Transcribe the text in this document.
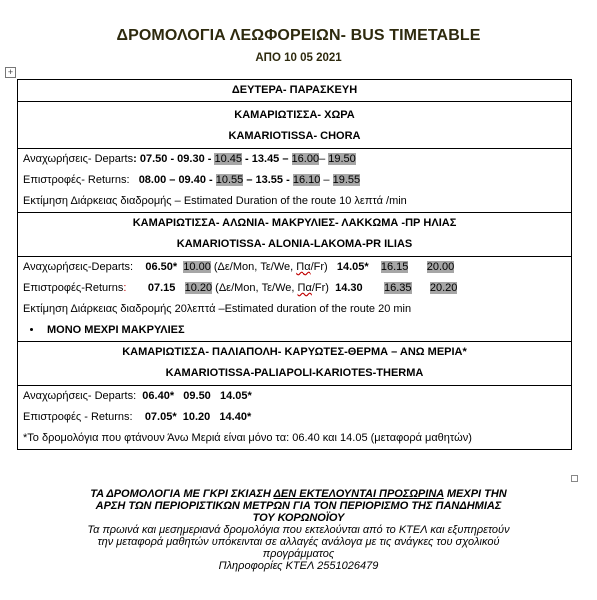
ΔΡΟΜΟΛΟΓΙΑ ΛΕΩΦΟΡΕΙΩΝ- BUS TIMETABLE
ΑΠΟ 10 05 2021
+
ΔΕΥΤΕΡΑ- ΠΑΡΑΣΚΕΥΗ

ΚΑΜΑΡΙΩΤΙΣΣΑ- ΧΩΡΑ
KAMARIOTISSA- CHORA

Αναχωρήσεις- Departs: 07.50 - 09.30 - 10.45 - 13.45 – 16.00– 19.50
Επιστροφές- Returns: 08.00 – 09.40 - 10.55 – 13.55 - 16.10 – 19.55
Εκτίμηση Διάρκειας διαδρομής – Estimated Duration of the route 10 λεπτά /min

ΚΑΜΑΡΙΩΤΙΣΣΑ- ΑΛΩΝΙΑ- ΜΑΚΡΥΛΙΕΣ- ΛΑΚΚΩΜΑ -ΠΡ ΗΛΙΑΣ
KAMARIOTISSA- ALONIA-LAKOMA-PR ILIAS

Αναχωρήσεις-Departs: 06.50* 10.00 (Δε/Mon, Τε/We, Πα/Fr) 14.05* 16.15 20.00
Επιστροφές-Returns: 07.15 10.20 (Δε/Mon, Τε/We, Πα/Fr) 14.30 16.35 20.20
Εκτίμηση Διάρκειας διαδρομής 20λεπτά –Estimated duration of the route 20 min
• ΜΟΝΟ ΜΕΧΡΙ ΜΑΚΡΥΛΙΕΣ

ΚΑΜΑΡΙΩΤΙΣΣΑ- ΠΑΛΙΑΠΟΛΗ- ΚΑΡΥΩΤΕΣ-ΘΕΡΜΑ – ΑΝΩ ΜΕΡΙΑ*
KAMARIOTISSA-PALIAPOLI-KARIOTES-THERMA

Αναχωρήσεις- Departs: 06.40*   09.50   14.05*
Επιστροφές - Returns: 07.05*  10.20   14.40*
*Το δρομολόγια που φτάνουν Άνω Μεριά είναι μόνο τα: 06.40 και 14.05 (μεταφορά μαθητών)
ΤΑ ΔΡΟΜΟΛΟΓΙΑ ΜΕ ΓΚΡΙ ΣΚΙΑΣΗ ΔΕΝ ΕΚΤΕΛΟΥΝΤΑΙ ΠΡΟΣΩΡΙΝΑ ΜΕΧΡΙ ΤΗΝ
ΑΡΣΗ ΤΩΝ ΠΕΡΙΟΡΙΣΤΙΚΩΝ ΜΕΤΡΩΝ ΓΙΑ ΤΟΝ ΠΕΡΙΟΡΙΣΜΟ ΤΗΣ ΠΑΝΔΗΜΙΑΣ
ΤΟΥ ΚΟΡΩΝΟΪΟΥ
Τα πρωινά και μεσημεριανά δρομολόγια που εκτελούνται από το ΚΤΕΛ και εξυπηρετούν
την μεταφορά μαθητών υπόκεινται σε αλλαγές ανάλογα με τις ανάγκες του σχολικού
προγράμματος
Πληροφορίες ΚΤΕΛ 2551026479
